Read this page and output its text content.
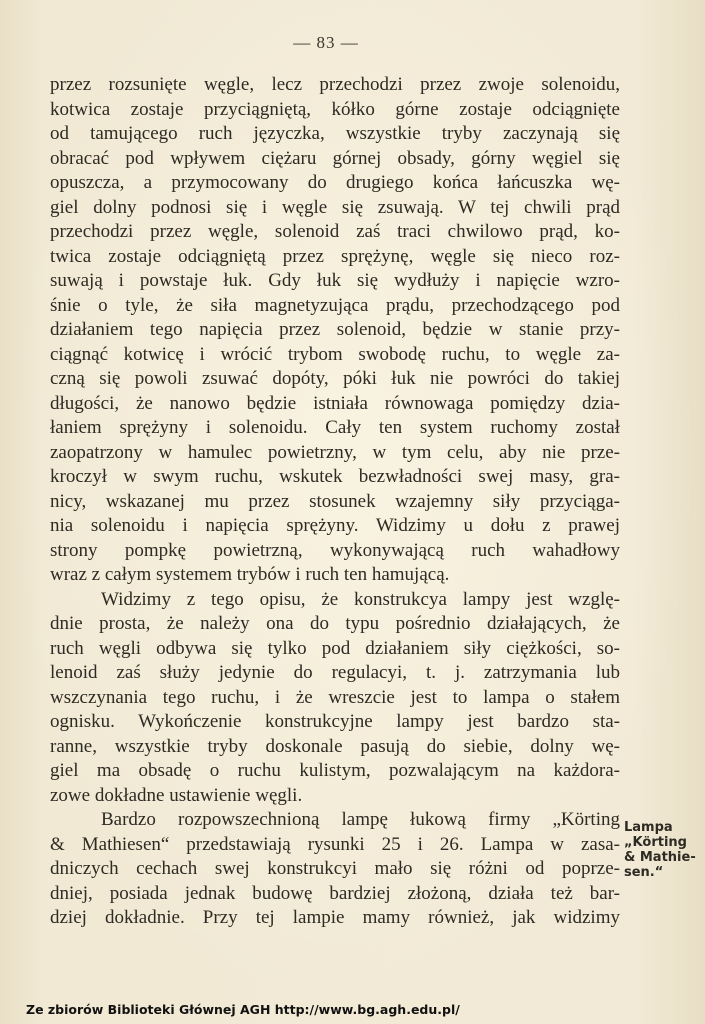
— 83 —
przez rozsunięte węgle, lecz przechodzi przez zwoje solenoidu,
kotwica zostaje przyciągniętą, kółko górne zostaje odciągnięte
od tamującego ruch języczka, wszystkie tryby zaczynają się
obracać pod wpływem ciężaru górnej obsady, górny węgiel się
opuszcza, a przymocowany do drugiego końca łańcuszka wę-
giel dolny podnosi się i węgle się zsuwają. W tej chwili prąd
przechodzi przez węgle, solenoid zaś traci chwilowo prąd, ko-
twica zostaje odciągniętą przez sprężynę, węgle się nieco roz-
suwają i powstaje łuk. Gdy łuk się wydłuży i napięcie wzro-
śnie o tyle, że siła magnetyzująca prądu, przechodzącego pod
działaniem tego napięcia przez solenoid, będzie w stanie przy-
ciągnąć kotwicę i wrócić trybom swobodę ruchu, to węgle za-
czną się powoli zsuwać dopóty, póki łuk nie powróci do takiej
długości, że nanowo będzie istniała równowaga pomiędzy dzia-
łaniem sprężyny i solenoidu. Cały ten system ruchomy został
zaopatrzony w hamulec powietrzny, w tym celu, aby nie prze-
kroczył w swym ruchu, wskutek bezwładności swej masy, gra-
nicy, wskazanej mu przez stosunek wzajemny siły przyciąga-
nia solenoidu i napięcia sprężyny. Widzimy u dołu z prawej
strony pompkę powietrzną, wykonywającą ruch wahadłowy
wraz z całym systemem trybów i ruch ten hamującą.
Widzimy z tego opisu, że konstrukcya lampy jest wzglę-
dnie prosta, że należy ona do typu pośrednio działających, że
ruch węgli odbywa się tylko pod działaniem siły ciężkości, so-
lenoid zaś służy jedynie do regulacyi, t. j. zatrzymania lub
wszczynania tego ruchu, i że wreszcie jest to lampa o stałem
ognisku. Wykończenie konstrukcyjne lampy jest bardzo sta-
ranne, wszystkie tryby doskonale pasują do siebie, dolny wę-
giel ma obsadę o ruchu kulistym, pozwalającym na każdora-
zowe dokładne ustawienie węgli.
Bardzo rozpowszechnioną lampę łukową firmy „Körting
& Mathiesen“ przedstawiają rysunki 25 i 26. Lampa w zasa-
dniczych cechach swej konstrukcyi mało się różni od poprze-
dniej, posiada jednak budowę bardziej złożoną, działa też bar-
dziej dokładnie. Przy tej lampie mamy również, jak widzimy
Lampa
„Körting
& Mathie-
sen.“
Ze zbiorów Biblioteki Głównej AGH http://www.bg.agh.edu.pl/
